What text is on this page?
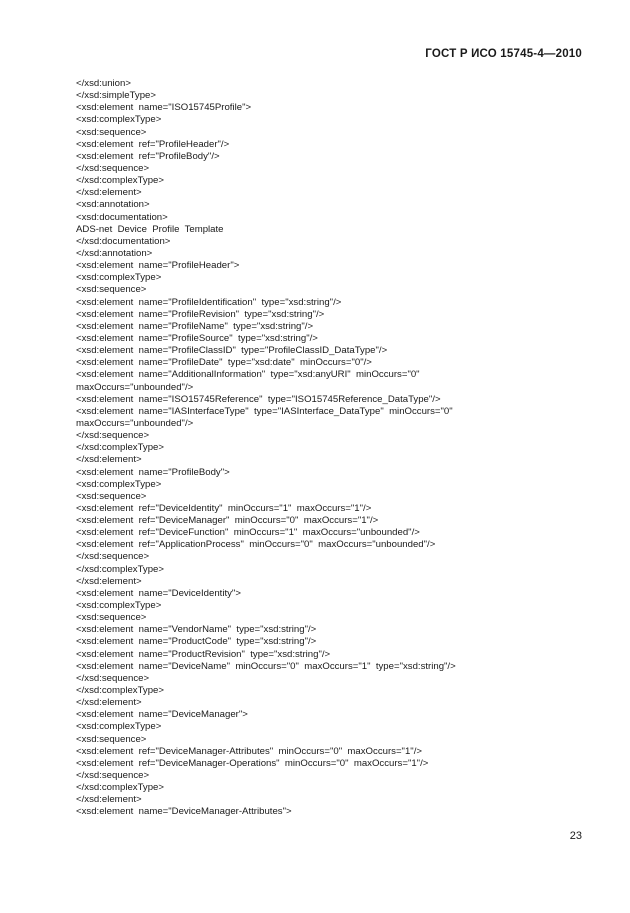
ГОСТ Р ИСО 15745-4—2010
</xsd:union>
</xsd:simpleType>
<xsd:element  name="ISO15745Profile">
<xsd:complexType>
<xsd:sequence>
<xsd:element  ref="ProfileHeader"/>
<xsd:element  ref="ProfileBody"/>
</xsd:sequence>
</xsd:complexType>
</xsd:element>
<xsd:annotation>
<xsd:documentation>
ADS-net  Device  Profile  Template
</xsd:documentation>
</xsd:annotation>
<xsd:element  name="ProfileHeader">
<xsd:complexType>
<xsd:sequence>
<xsd:element  name="ProfileIdentification"  type="xsd:string"/>
<xsd:element  name="ProfileRevision"  type="xsd:string"/>
<xsd:element  name="ProfileName"  type="xsd:string"/>
<xsd:element  name="ProfileSource"  type="xsd:string"/>
<xsd:element  name="ProfileClassID"  type="ProfileClassID_DataType"/>
<xsd:element  name="ProfileDate"  type="xsd:date"  minOccurs="0"/>
<xsd:element  name="AdditionalInformation"  type="xsd:anyURI"  minOccurs="0"
maxOccurs="unbounded"/>
<xsd:element  name="ISO15745Reference"  type="ISO15745Reference_DataType"/>
<xsd:element  name="IASInterfaceType"  type="IASInterface_DataType"  minOccurs="0"
maxOccurs="unbounded"/>
</xsd:sequence>
</xsd:complexType>
</xsd:element>
<xsd:element  name="ProfileBody">
<xsd:complexType>
<xsd:sequence>
<xsd:element  ref="DeviceIdentity"  minOccurs="1"  maxOccurs="1"/>
<xsd:element  ref="DeviceManager"  minOccurs="0"  maxOccurs="1"/>
<xsd:element  ref="DeviceFunction"  minOccurs="1"  maxOccurs="unbounded"/>
<xsd:element  ref="ApplicationProcess"  minOccurs="0"  maxOccurs="unbounded"/>
</xsd:sequence>
</xsd:complexType>
</xsd:element>
<xsd:element  name="DeviceIdentity">
<xsd:complexType>
<xsd:sequence>
<xsd:element  name="VendorName"  type="xsd:string"/>
<xsd:element  name="ProductCode"  type="xsd:string"/>
<xsd:element  name="ProductRevision"  type="xsd:string"/>
<xsd:element  name="DeviceName"  minOccurs="0"  maxOccurs="1"  type="xsd:string"/>
</xsd:sequence>
</xsd:complexType>
</xsd:element>
<xsd:element  name="DeviceManager">
<xsd:complexType>
<xsd:sequence>
<xsd:element  ref="DeviceManager-Attributes"  minOccurs="0"  maxOccurs="1"/>
<xsd:element  ref="DeviceManager-Operations"  minOccurs="0"  maxOccurs="1"/>
</xsd:sequence>
</xsd:complexType>
</xsd:element>
<xsd:element  name="DeviceManager-Attributes">
23
